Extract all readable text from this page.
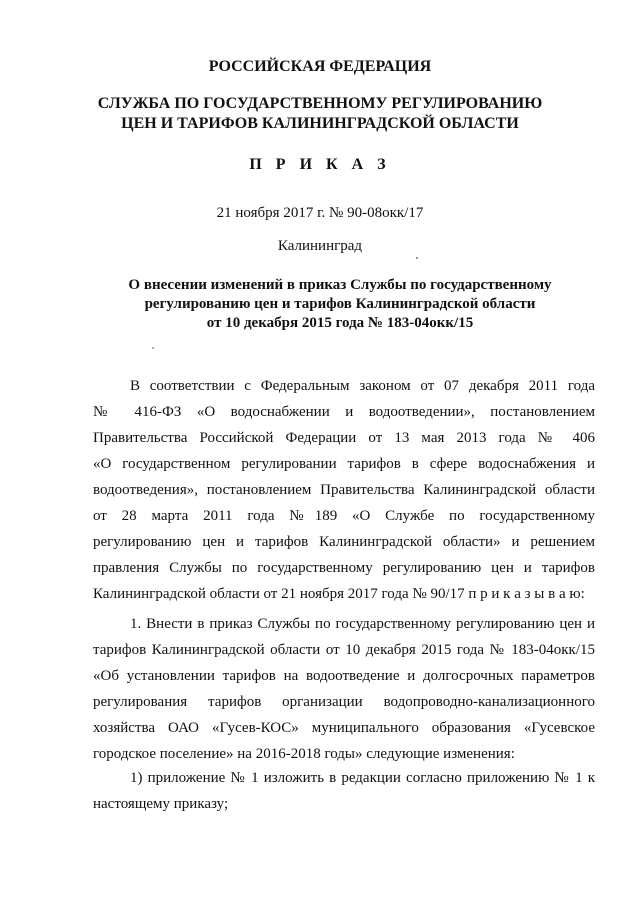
РОССИЙСКАЯ ФЕДЕРАЦИЯ
СЛУЖБА ПО ГОСУДАРСТВЕННОМУ РЕГУЛИРОВАНИЮ
ЦЕН И ТАРИФОВ КАЛИНИНГРАДСКОЙ ОБЛАСТИ
П Р И К А З
21 ноября 2017 г. № 90-08окк/17
Калининград
О внесении изменений в приказ Службы по государственному
регулированию цен и тарифов Калининградской области
от 10 декабря 2015 года № 183-04окк/15
В соответствии с Федеральным законом от 07 декабря 2011 года
№ 416-ФЗ «О водоснабжении и водоотведении», постановлением
Правительства Российской Федерации от 13 мая 2013 года № 406
«О государственном регулировании тарифов в сфере водоснабжения и
водоотведения», постановлением Правительства Калининградской области
от 28 марта 2011 года №189 «О Службе по государственному
регулированию цен и тарифов Калининградской области» и решением
правления Службы по государственному регулированию цен и тарифов
Калининградской области от 21 ноября 2017 года № 90/17 п р и к а з ы в а ю:
1. Внести в приказ Службы по государственному регулированию цен и
тарифов Калининградской области от 10 декабря 2015 года № 183-04окк/15
«Об установлении тарифов на водоотведение и долгосрочных параметров
регулирования тарифов организации водопроводно-канализационного
хозяйства ОАО «Гусев-КОС» муниципального образования «Гусевское
городское поселение» на 2016-2018 годы» следующие изменения:
1) приложение № 1 изложить в редакции согласно приложению № 1 к
настоящему приказу;
